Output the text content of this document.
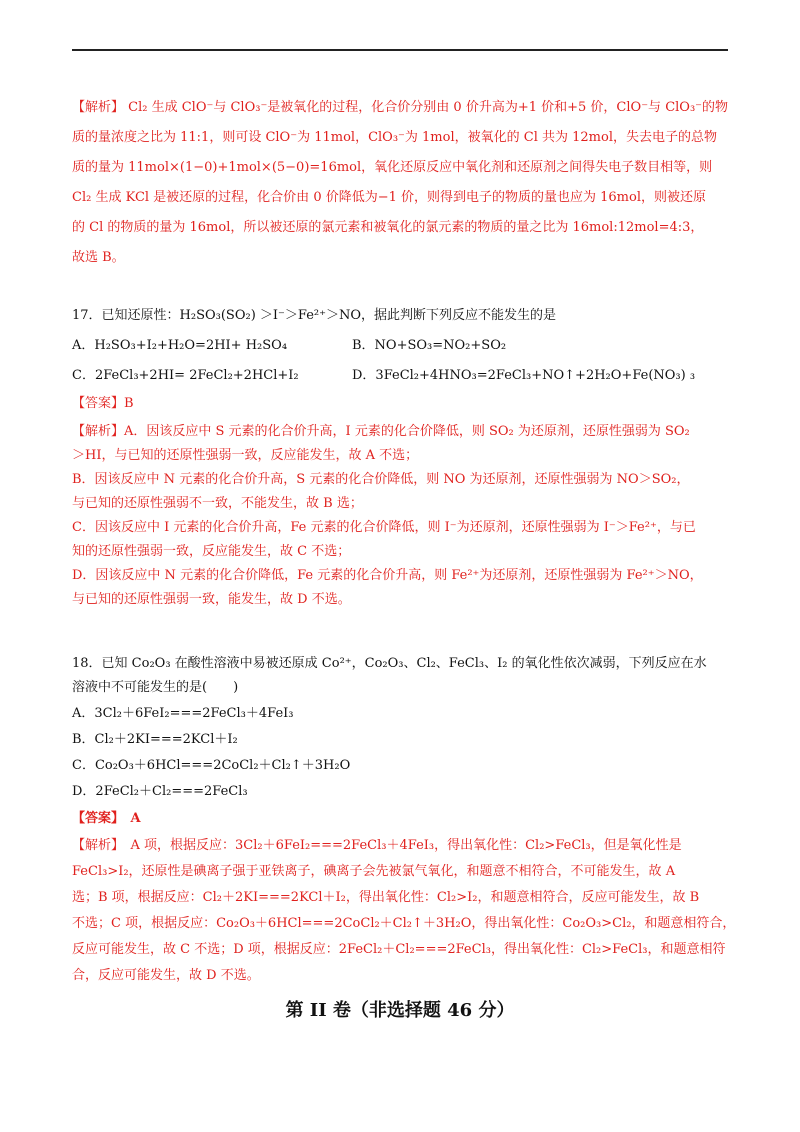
【解析】 Cl₂ 生成 ClO⁻与 ClO₃⁻是被氧化的过程，化合价分别由 0 价升高为+1 价和+5 价，ClO⁻与 ClO₃⁻的物
质的量浓度之比为 11:1，则可设 ClO⁻为 11mol，ClO₃⁻为 1mol，被氧化的 Cl 共为 12mol，失去电子的总物
质的量为 11mol×(1−0)+1mol×(5−0)=16mol，氧化还原反应中氧化剂和还原剂之间得失电子数目相等，则
Cl₂ 生成 KCl 是被还原的过程，化合价由 0 价降低为−1 价，则得到电子的物质的量也应为 16mol，则被还原
的 Cl 的物质的量为 16mol，所以被还原的氯元素和被氧化的氯元素的物质的量之比为 16mol:12mol=4:3，
故选 B。
17．已知还原性：H₂SO₃(SO₂) ＞I⁻＞Fe²⁺＞NO，据此判断下列反应不能发生的是
A．H₂SO₃+I₂+H₂O=2HI+ H₂SO₄	B．NO+SO₃=NO₂+SO₂
C．2FeCl₃+2HI= 2FeCl₂+2HCl+I₂	D．3FeCl₂+4HNO₃=2FeCl₃+NO↑+2H₂O+Fe(NO₃) ₃
【答案】B
【解析】A．因该反应中 S 元素的化合价升高，I 元素的化合价降低，则 SO₂ 为还原剂，还原性强弱为 SO₂
＞HI，与已知的还原性强弱一致，反应能发生，故 A 不选；
B．因该反应中 N 元素的化合价升高，S 元素的化合价降低，则 NO 为还原剂，还原性强弱为 NO＞SO₂，
与已知的还原性强弱不一致，不能发生，故 B 选；
C．因该反应中 I 元素的化合价升高，Fe 元素的化合价降低，则 I⁻为还原剂，还原性强弱为 I⁻＞Fe²⁺，与已
知的还原性强弱一致，反应能发生，故 C 不选；
D．因该反应中 N 元素的化合价降低，Fe 元素的化合价升高，则 Fe²⁺为还原剂，还原性强弱为 Fe²⁺＞NO，
与已知的还原性强弱一致，能发生，故 D 不选。
18．已知 Co₂O₃ 在酸性溶液中易被还原成 Co²⁺，Co₂O₃、Cl₂、FeCl₃、I₂ 的氧化性依次减弱，下列反应在水
溶液中不可能发生的是(　　)
A．3Cl₂＋6FeI₂===2FeCl₃＋4FeI₃
B．Cl₂＋2KI===2KCl＋I₂
C．Co₂O₃＋6HCl===2CoCl₂＋Cl₂↑＋3H₂O
D．2FeCl₂＋Cl₂===2FeCl₃
【答案】　A
【解析】　A 项，根据反应：3Cl₂＋6FeI₂===2FeCl₃＋4FeI₃，得出氧化性：Cl₂>FeCl₃，但是氧化性是
FeCl₃>I₂，还原性是碘离子强于亚铁离子，碘离子会先被氯气氧化，和题意不相符合，不可能发生，故 A
选；B 项，根据反应：Cl₂＋2KI===2KCl＋I₂，得出氧化性：Cl₂>I₂，和题意相符合，反应可能发生，故 B
不选；C 项，根据反应：Co₂O₃＋6HCl===2CoCl₂＋Cl₂↑＋3H₂O，得出氧化性：Co₂O₃>Cl₂，和题意相符合，
反应可能发生，故 C 不选；D 项，根据反应：2FeCl₂＋Cl₂===2FeCl₃，得出氧化性：Cl₂>FeCl₃，和题意相符
合，反应可能发生，故 D 不选。
第 II 卷（非选择题 46 分）
